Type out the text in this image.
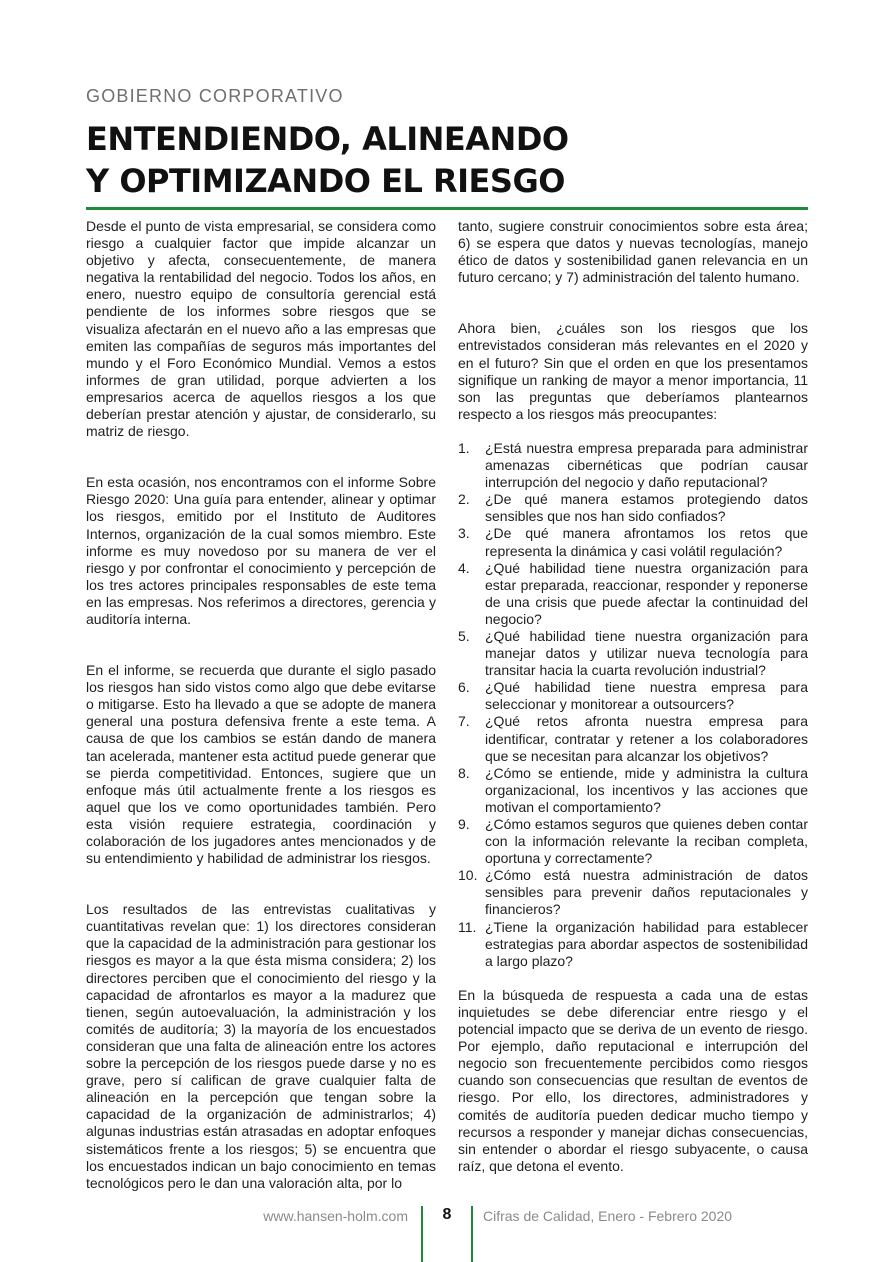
GOBIERNO CORPORATIVO
ENTENDIENDO, ALINEANDO
Y OPTIMIZANDO EL RIESGO

Desde el punto de vista empresarial, se considera como riesgo a cualquier factor que impide alcanzar un objetivo y afecta, consecuentemente, de manera negativa la rentabilidad del negocio. Todos los años, en enero, nuestro equipo de consultoría gerencial está pendiente de los informes sobre riesgos que se visualiza afectarán en el nuevo año a las empresas que emiten las compañías de seguros más importantes del mundo y el Foro Económico Mundial. Vemos a estos informes de gran utilidad, porque advierten a los empresarios acerca de aquellos riesgos a los que deberían prestar atención y ajustar, de considerarlo, su matriz de riesgo.

En esta ocasión, nos encontramos con el informe Sobre Riesgo 2020: Una guía para entender, alinear y optimar los riesgos, emitido por el Instituto de Auditores Internos, organización de la cual somos miembro. Este informe es muy novedoso por su manera de ver el riesgo y por confrontar el conocimiento y percepción de los tres actores principales responsables de este tema en las empresas. Nos referimos a directores, gerencia y auditoría interna.

En el informe, se recuerda que durante el siglo pasado los riesgos han sido vistos como algo que debe evitarse o mitigarse. Esto ha llevado a que se adopte de manera general una postura defensiva frente a este tema. A causa de que los cambios se están dando de manera tan acelerada, mantener esta actitud puede generar que se pierda competitividad. Entonces, sugiere que un enfoque más útil actualmente frente a los riesgos es aquel que los ve como oportunidades también. Pero esta visión requiere estrategia, coordinación y colaboración de los jugadores antes mencionados y de su entendimiento y habilidad de administrar los riesgos.

Los resultados de las entrevistas cualitativas y cuantitativas revelan que: 1) los directores consideran que la capacidad de la administración para gestionar los riesgos es mayor a la que ésta misma considera; 2) los directores perciben que el conocimiento del riesgo y la capacidad de afrontarlos es mayor a la madurez que tienen, según autoevaluación, la administración y los comités de auditoría; 3) la mayoría de los encuestados consideran que una falta de alineación entre los actores sobre la percepción de los riesgos puede darse y no es grave, pero sí califican de grave cualquier falta de alineación en la percepción que tengan sobre la capacidad de la organización de administrarlos; 4) algunas industrias están atrasadas en adoptar enfoques sistemáticos frente a los riesgos; 5) se encuentra que los encuestados indican un bajo conocimiento en temas tecnológicos pero le dan una valoración alta, por lo

tanto, sugiere construir conocimientos sobre esta área; 6) se espera que datos y nuevas tecnologías, manejo ético de datos y sostenibilidad ganen relevancia en un futuro cercano; y 7) administración del talento humano.

Ahora bien, ¿cuáles son los riesgos que los entrevistados consideran más relevantes en el 2020 y en el futuro? Sin que el orden en que los presentamos signifique un ranking de mayor a menor importancia, 11 son las preguntas que deberíamos plantearnos respecto a los riesgos más preocupantes:

1. ¿Está nuestra empresa preparada para administrar amenazas cibernéticas que podrían causar interrupción del negocio y daño reputacional?
2. ¿De qué manera estamos protegiendo datos sensibles que nos han sido confiados?
3. ¿De qué manera afrontamos los retos que representa la dinámica y casi volátil regulación?
4. ¿Qué habilidad tiene nuestra organización para estar preparada, reaccionar, responder y reponerse de una crisis que puede afectar la continuidad del negocio?
5. ¿Qué habilidad tiene nuestra organización para manejar datos y utilizar nueva tecnología para transitar hacia la cuarta revolución industrial?
6. ¿Qué habilidad tiene nuestra empresa para seleccionar y monitorear a outsourcers?
7. ¿Qué retos afronta nuestra empresa para identificar, contratar y retener a los colaboradores que se necesitan para alcanzar los objetivos?
8. ¿Cómo se entiende, mide y administra la cultura organizacional, los incentivos y las acciones que motivan el comportamiento?
9. ¿Cómo estamos seguros que quienes deben contar con la información relevante la reciban completa, oportuna y correctamente?
10. ¿Cómo está nuestra administración de datos sensibles para prevenir daños reputacionales y financieros?
11. ¿Tiene la organización habilidad para establecer estrategias para abordar aspectos de sostenibilidad a largo plazo?

En la búsqueda de respuesta a cada una de estas inquietudes se debe diferenciar entre riesgo y el potencial impacto que se deriva de un evento de riesgo. Por ejemplo, daño reputacional e interrupción del negocio son frecuentemente percibidos como riesgos cuando son consecuencias que resultan de eventos de riesgo. Por ello, los directores, administradores y comités de auditoría pueden dedicar mucho tiempo y recursos a responder y manejar dichas consecuencias, sin entender o abordar el riesgo subyacente, o causa raíz, que detona el evento.

www.hansen-holm.com	8	Cifras de Calidad, Enero - Febrero 2020
